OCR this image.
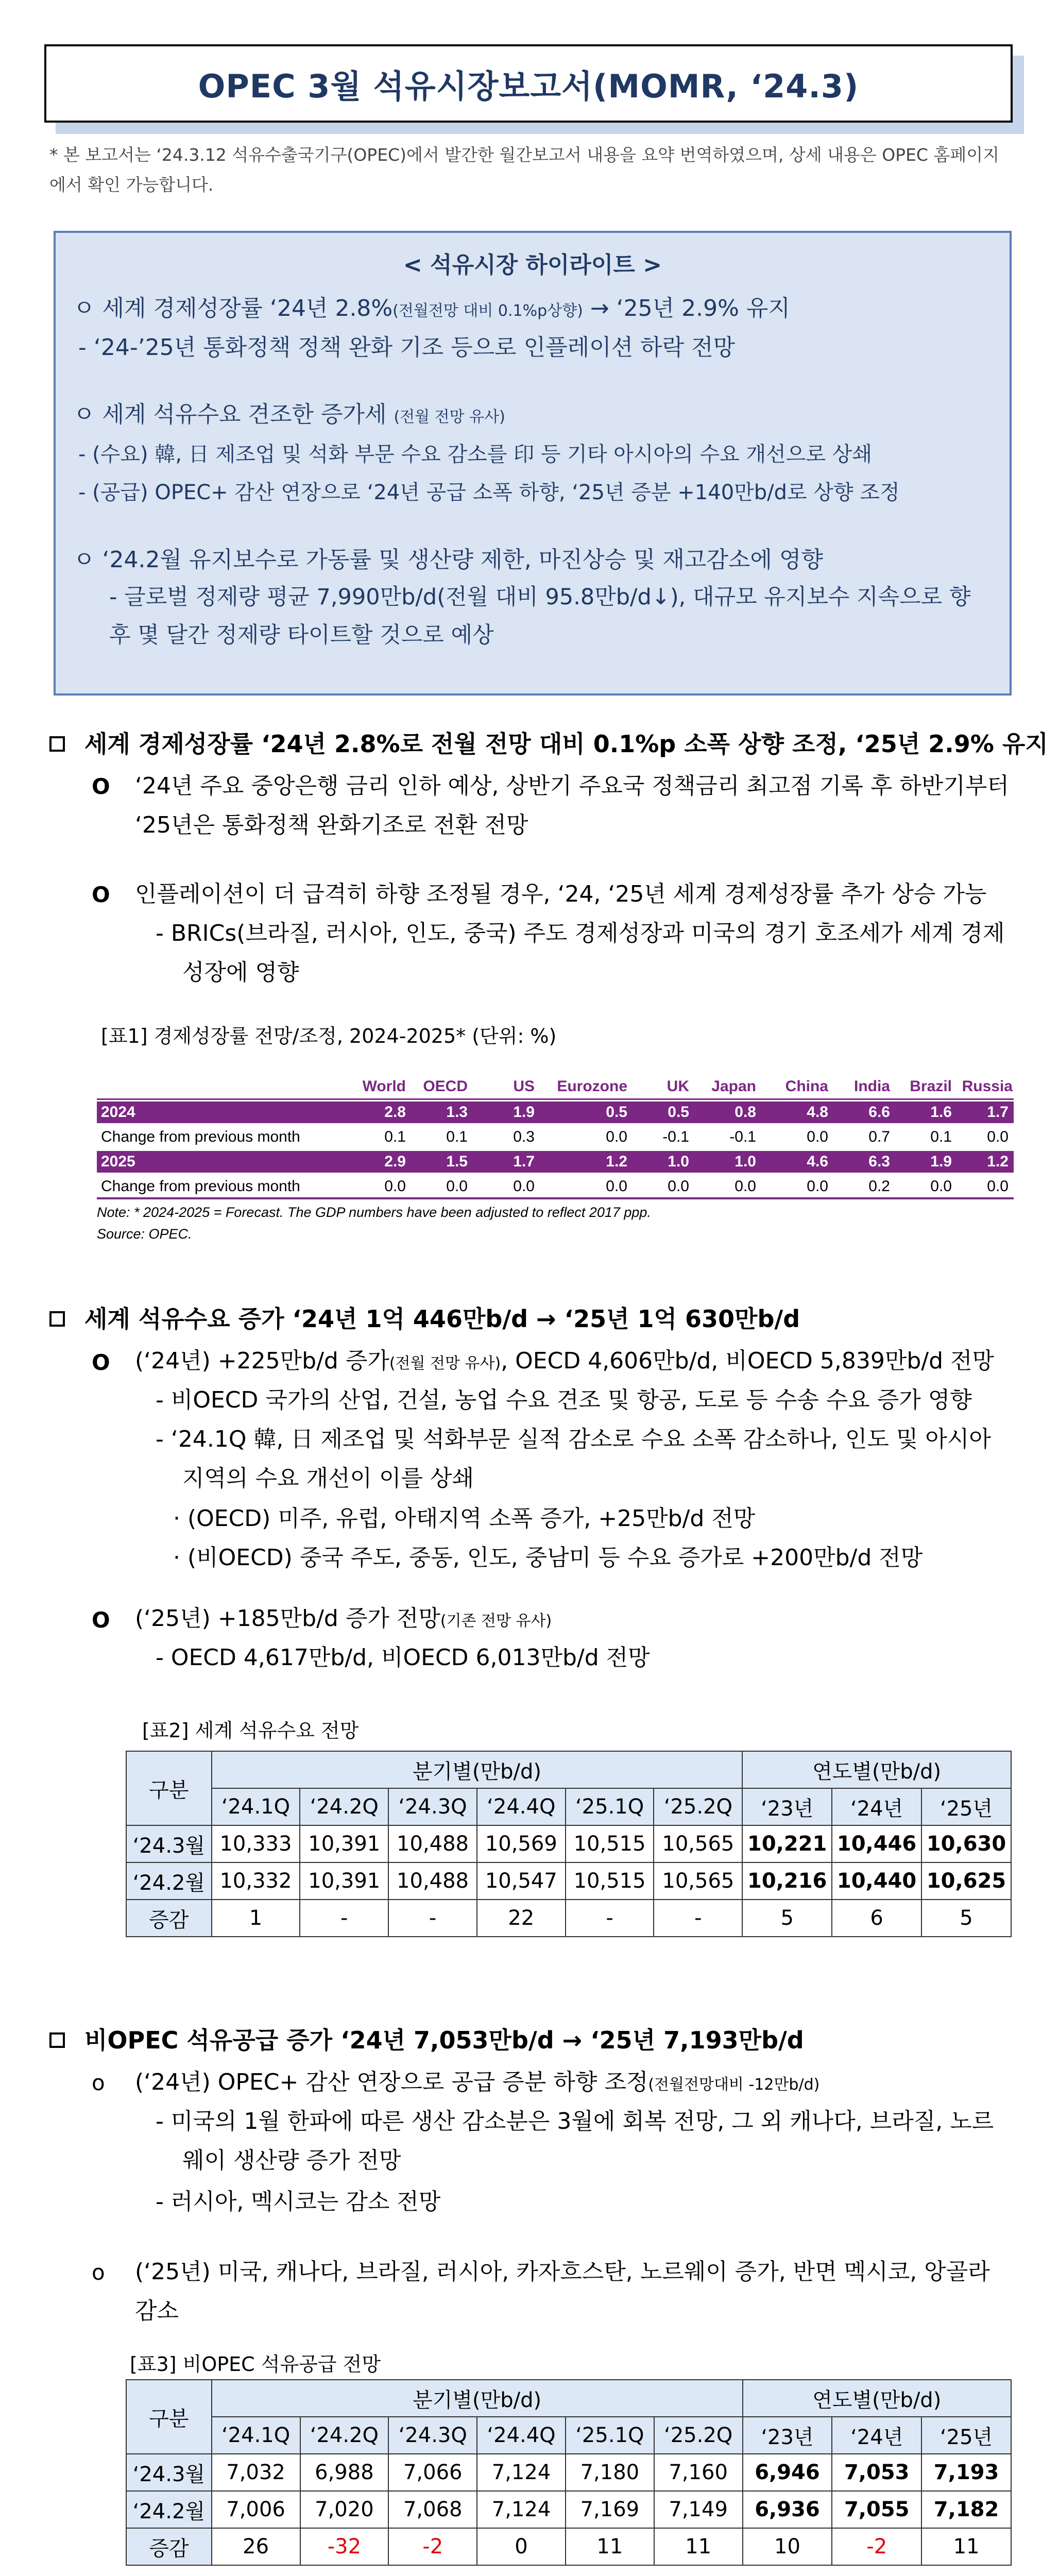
OPEC 3월 석유시장보고서(MOMR, ‘24.3)
* 본 보고서는 ‘24.3.12 석유수출국기구(OPEC)에서 발간한 월간보고서 내용을 요약 번역하였으며, 상세 내용은 OPEC 홈페이지에서 확인 가능합니다.
< 석유시장 하이라이트 >
ㅇ 세계 경제성장률 ‘24년 2.8%(전월전망 대비 0.1%p상향) → ‘25년 2.9% 유지
- ‘24-’25년 통화정책 정책 완화 기조 등으로 인플레이션 하락 전망
ㅇ 세계 석유수요 견조한 증가세 (전월 전망 유사)
- (수요) 韓, 日 제조업 및 석화 부문 수요 감소를 印 등 기타 아시아의 수요 개선으로 상쇄
- (공급) OPEC+ 감산 연장으로 ‘24년 공급 소폭 하향, ‘25년 증분 +140만b/d로 상향 조정
ㅇ ‘24.2월 유지보수로 가동률 및 생산량 제한, 마진상승 및 재고감소에 영향
- 글로벌 정제량 평균 7,990만b/d(전월 대비 95.8만b/d↓), 대규모 유지보수 지속으로 향후 몇 달간 정제량 타이트할 것으로 예상
세계 경제성장률 ‘24년 2.8%로 전월 전망 대비 0.1%p 소폭 상향 조정, ‘25년 2.9% 유지
O ‘24년 주요 중앙은행 금리 인하 예상, 상반기 주요국 정책금리 최고점 기록 후 하반기부터 ‘25년은 통화정책 완화기조로 전환 전망
O 인플레이션이 더 급격히 하향 조정될 경우, ‘24, ‘25년 세계 경제성장률 추가 상승 가능
- BRICs(브라질, 러시아, 인도, 중국) 주도 경제성장과 미국의 경기 호조세가 세계 경제 성장에 영향
[표1] 경제성장률 전망/조정, 2024-2025* (단위: %)
World	OECD	US	Eurozone	UK	Japan	China	India	Brazil Russia
2024	2.8	1.3	1.9	0.5	0.5	0.8	4.8	6.6	1.6	1.7
Change from previous month	0.1	0.1	0.3	0.0	-0.1	-0.1	0.0	0.7	0.1	0.0
2025	2.9	1.5	1.7	1.2	1.0	1.0	4.6	6.3	1.9	1.2
Change from previous month	0.0	0.0	0.0	0.0	0.0	0.0	0.0	0.2	0.0	0.0
Note: * 2024-2025 = Forecast. The GDP numbers have been adjusted to reflect 2017 ppp.
Source: OPEC.
세계 석유수요 증가 ‘24년 1억 446만b/d → ‘25년 1억 630만b/d
O (‘24년) +225만b/d 증가(전월 전망 유사), OECD 4,606만b/d, 비OECD 5,839만b/d 전망
- 비OECD 국가의 산업, 건설, 농업 수요 견조 및 항공, 도로 등 수송 수요 증가 영향
- ‘24.1Q 韓, 日 제조업 및 석화부문 실적 감소로 수요 소폭 감소하나, 인도 및 아시아 지역의 수요 개선이 이를 상쇄
· (OECD) 미주, 유럽, 아태지역 소폭 증가, +25만b/d 전망
· (비OECD) 중국 주도, 중동, 인도, 중남미 등 수요 증가로 +200만b/d 전망
O (‘25년) +185만b/d 증가 전망(기존 전망 유사)
- OECD 4,617만b/d, 비OECD 6,013만b/d 전망
[표2] 세계 석유수요 전망
구분	분기별(만b/d)						연도별(만b/d)		
	‘24.1Q	‘24.2Q	‘24.3Q	‘24.4Q	‘25.1Q	‘25.2Q	‘23년	‘24년	‘25년
‘24.3월	10,333	10,391	10,488	10,569	10,515	10,565	10,221	10,446	10,630
‘24.2월	10,332	10,391	10,488	10,547	10,515	10,565	10,216	10,440	10,625
증감	1	-	-	22	-	-	5	6	5
비OPEC 석유공급 증가 ‘24년 7,053만b/d → ‘25년 7,193만b/d
o (‘24년) OPEC+ 감산 연장으로 공급 증분 하향 조정(전월전망대비 -12만b/d)
- 미국의 1월 한파에 따른 생산 감소분은 3월에 회복 전망, 그 외 캐나다, 브라질, 노르웨이 생산량 증가 전망
- 러시아, 멕시코는 감소 전망
o (‘25년) 미국, 캐나다, 브라질, 러시아, 카자흐스탄, 노르웨이 증가, 반면 멕시코, 앙골라 감소
[표3] 비OPEC 석유공급 전망
구분	분기별(만b/d)						연도별(만b/d)		
	‘24.1Q	‘24.2Q	‘24.3Q	‘24.4Q	‘25.1Q	‘25.2Q	‘23년	‘24년	‘25년
‘24.3월	7,032	6,988	7,066	7,124	7,180	7,160	6,946	7,053	7,193
‘24.2월	7,006	7,020	7,068	7,124	7,169	7,149	6,936	7,055	7,182
증감	26	-32	-2	0	11	11	10	-2	11
